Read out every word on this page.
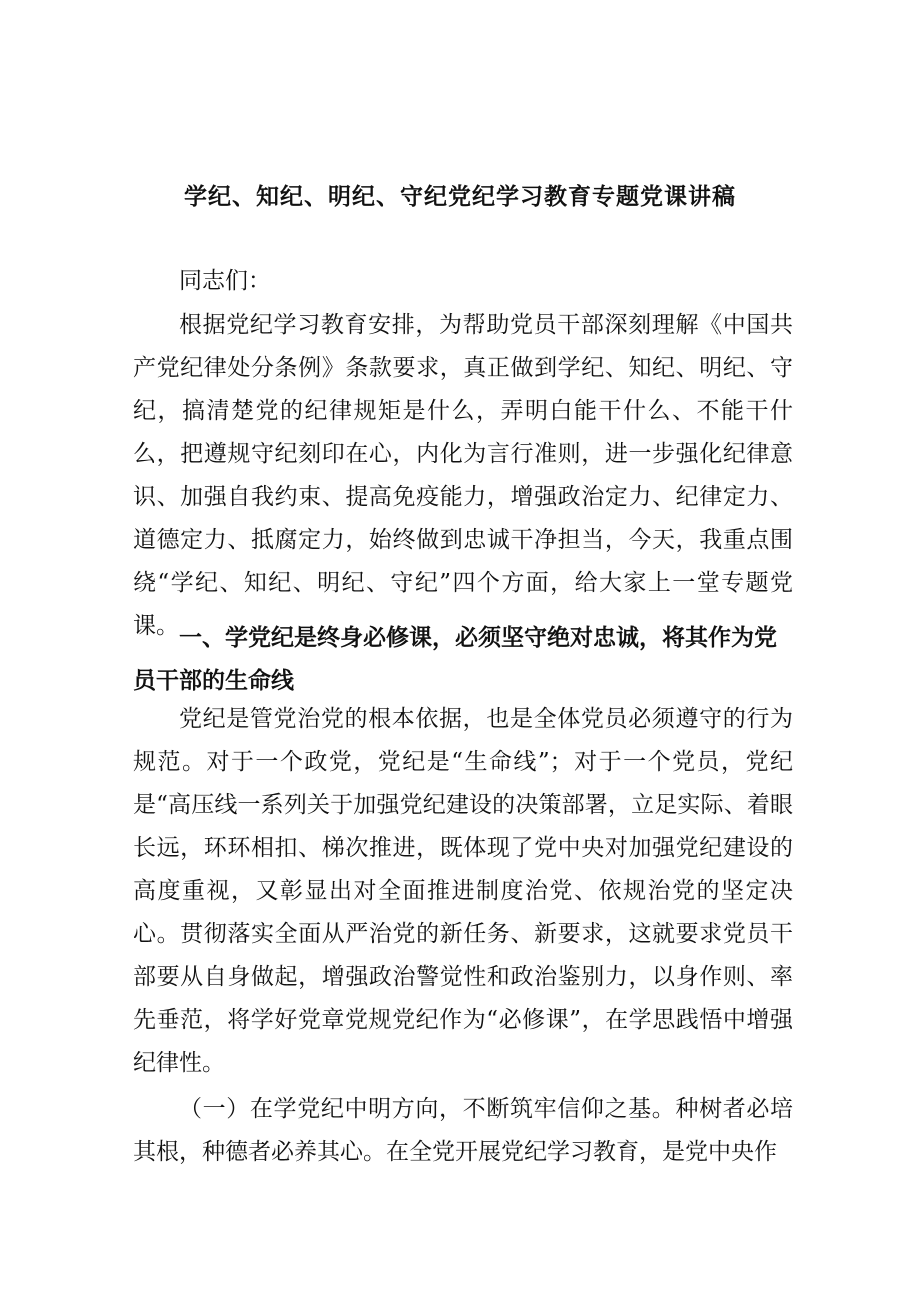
学纪、知纪、明纪、守纪党纪学习教育专题党课讲稿
同志们：

根据党纪学习教育安排，为帮助党员干部深刻理解《中国共产党纪律处分条例》条款要求，真正做到学纪、知纪、明纪、守纪，搞清楚党的纪律规矩是什么，弄明白能干什么、不能干什么，把遵规守纪刻印在心，内化为言行准则，进一步强化纪律意识、加强自我约束、提高免疫能力，增强政治定力、纪律定力、道德定力、抵腐定力，始终做到忠诚干净担当，今天，我重点围绕“学纪、知纪、明纪、守纪”四个方面，给大家上一堂专题党课。 一、学党纪是终身必修课，必须坚守绝对忠诚，将其作为党员干部的生命线

党纪是管党治党的根本依据，也是全体党员必须遵守的行为规范。对于一个政党，党纪是“生命线”；对于一个党员，党纪是“高压线一系列关于加强党纪建设的决策部署，立足实际、着眼长远，环环相扣、梯次推进，既体现了党中央对加强党纪建设的高度重视，又彰显出对全面推进制度治党、依规治党的坚定决心。贯彻落实全面从严治党的新任务、新要求，这就要求党员干部要从自身做起，增强政治警觉性和政治鉴别力，以身作则、率先垂范，将学好党章党规党纪作为“必修课”，在学思践悟中增强纪律性。

（一）在学党纪中明方向，不断筑牢信仰之基。种树者必培其根，种德者必养其心。在全党开展党纪学习教育，是党中央作
